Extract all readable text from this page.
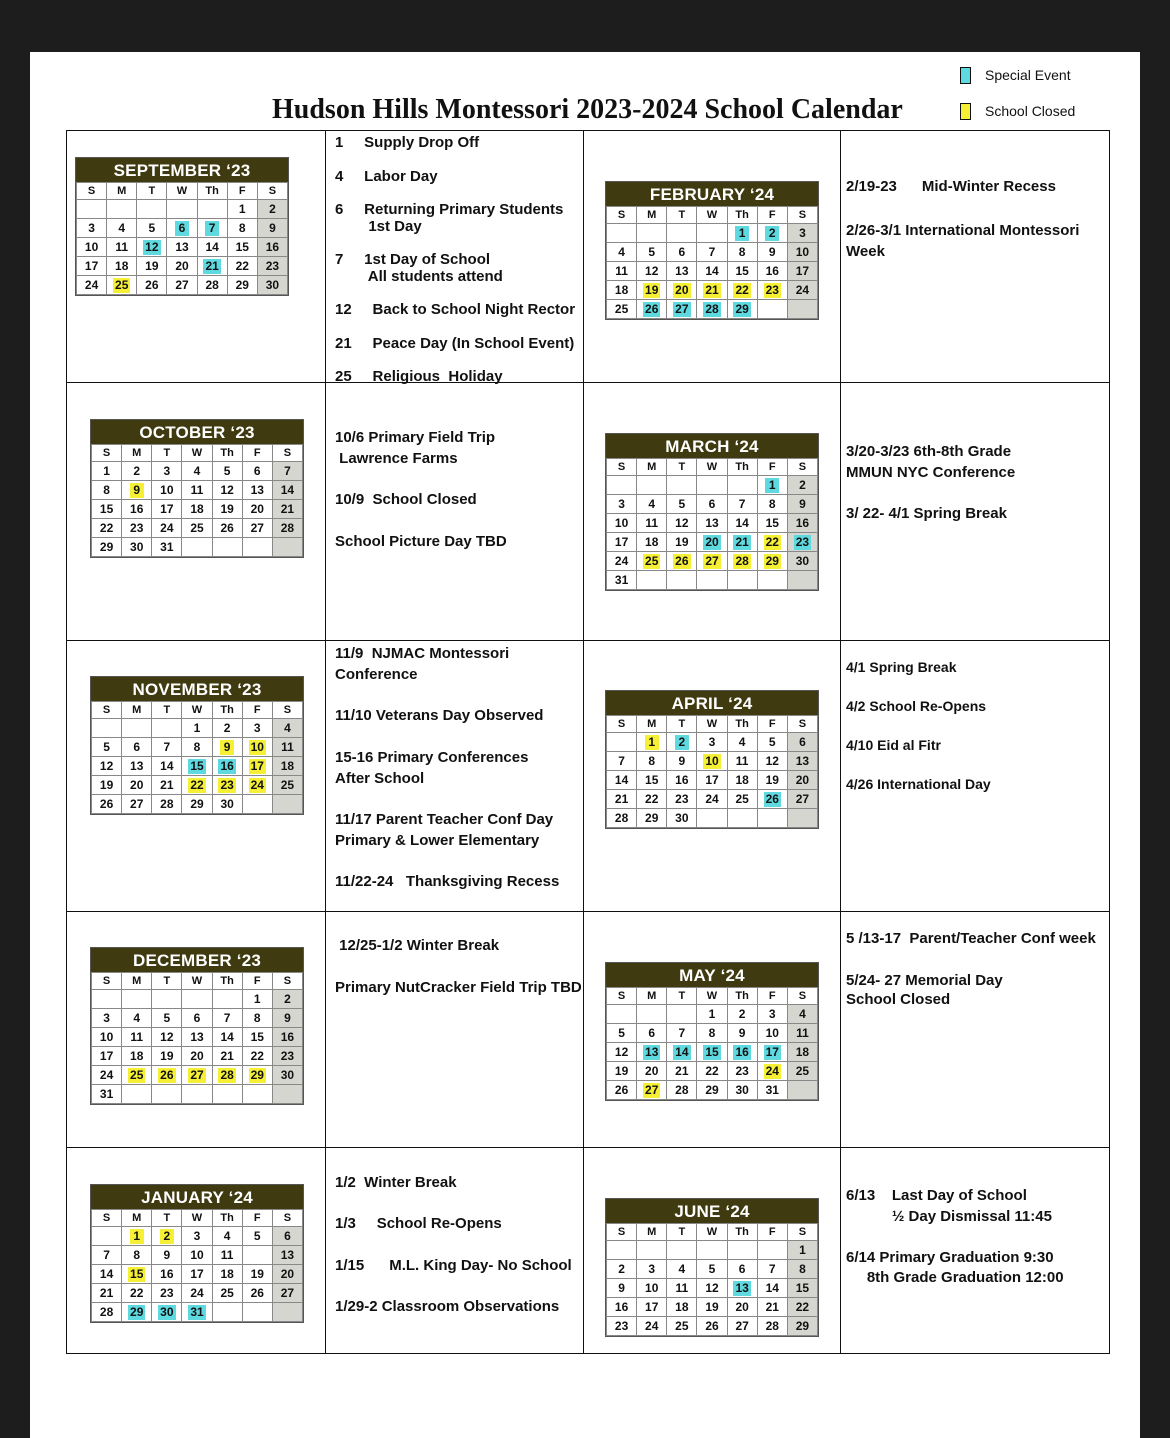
Special Event
School Closed
Hudson Hills Montessori 2023-2024 School Calendar
SEPTEMBER ‘23
S	M	T	W	Th	F	S
					1	2
3	4	5	6	7	8	9
10	11	12	13	14	15	16
17	18	19	20	21	22	23
24	25	26	27	28	29	30
OCTOBER ‘23
S	M	T	W	Th	F	S
1	2	3	4	5	6	7
8	9	10	11	12	13	14
15	16	17	18	19	20	21
22	23	24	25	26	27	28
29	30	31				
NOVEMBER ‘23
S	M	T	W	Th	F	S
			1	2	3	4
5	6	7	8	9	10	11
12	13	14	15	16	17	18
19	20	21	22	23	24	25
26	27	28	29	30		
DECEMBER ‘23
S	M	T	W	Th	F	S
					1	2
3	4	5	6	7	8	9
10	11	12	13	14	15	16
17	18	19	20	21	22	23
24	25	26	27	28	29	30
31						
JANUARY ‘24
S	M	T	W	Th	F	S
	1	2	3	4	5	6
7	8	9	10	11		13
14	15	16	17	18	19	20
21	22	23	24	25	26	27
28	29	30	31			
FEBRUARY ‘24
S	M	T	W	Th	F	S
				1	2	3
4	5	6	7	8	9	10
11	12	13	14	15	16	17
18	19	20	21	22	23	24
25	26	27	28	29		
MARCH ‘24
S	M	T	W	Th	F	S
					1	2
3	4	5	6	7	8	9
10	11	12	13	14	15	16
17	18	19	20	21	22	23
24	25	26	27	28	29	30
31						
APRIL ‘24
S	M	T	W	Th	F	S
	1	2	3	4	5	6
7	8	9	10	11	12	13
14	15	16	17	18	19	20
21	22	23	24	25	26	27
28	29	30				
MAY ‘24
S	M	T	W	Th	F	S
			1	2	3	4
5	6	7	8	9	10	11
12	13	14	15	16	17	18
19	20	21	22	23	24	25
26	27	28	29	30	31	
JUNE ‘24
S	M	T	W	Th	F	S
						1
2	3	4	5	6	7	8
9	10	11	12	13	14	15
16	17	18	19	20	21	22
23	24	25	26	27	28	29
1     Supply Drop Off
4     Labor Day
6     Returning Primary Students
1st Day
7     1st Day of School
All students attend
12     Back to School Night Rector
21     Peace Day (In School Event)
25     Religious  Holiday
10/6 Primary Field Trip
Lawrence Farms
10/9  School Closed
School Picture Day TBD
11/9  NJMAC Montessori
Conference
11/10 Veterans Day Observed
15-16 Primary Conferences
After School
11/17 Parent Teacher Conf Day
Primary & Lower Elementary
11/22-24   Thanksgiving Recess
12/25-1/2 Winter Break
Primary NutCracker Field Trip TBD
1/2  Winter Break
1/3     School Re-Opens
1/15      M.L. King Day- No School
1/29-2 Classroom Observations
2/19-23      Mid-Winter Recess
2/26-3/1 International Montessori
Week
3/20-3/23 6th-8th Grade
MMUN NYC Conference
3/ 22- 4/1 Spring Break
4/1 Spring Break
4/2 School Re-Opens
4/10 Eid al Fitr
4/26 International Day
5 /13-17  Parent/Teacher Conf week
5/24- 27 Memorial Day
School Closed
6/13    Last Day of School
½ Day Dismissal 11:45
6/14 Primary Graduation 9:30
8th Grade Graduation 12:00
